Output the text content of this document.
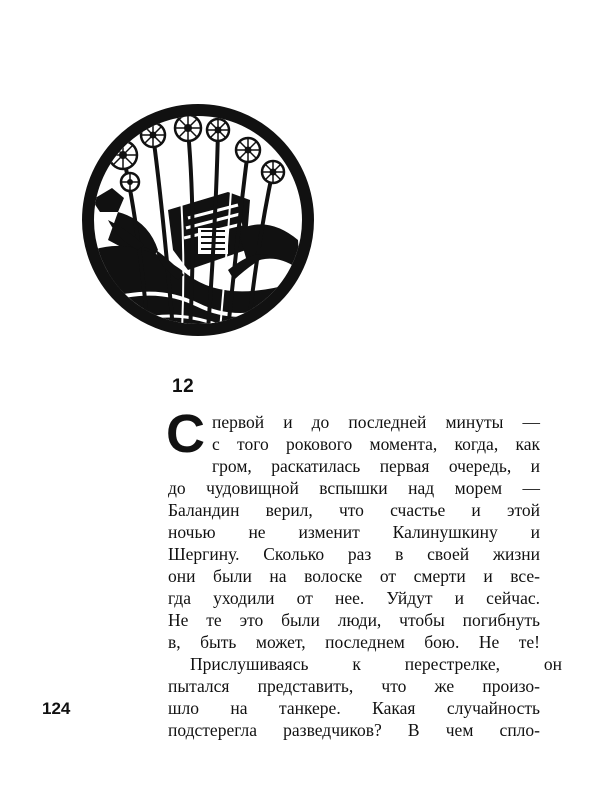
12
С первой и до последней минуты —
с того рокового момента, когда, как
гром, раскатилась первая очередь, и
до чудовищной вспышки над морем —
Баландин верил, что счастье и этой
ночью не изменит Калинушкину и
Шергину. Сколько раз в своей жизни
они были на волоске от смерти и все-
гда уходили от нее. Уйдут и сейчас.
Не те это были люди, чтобы погибнуть
в, быть может, последнем бою. Не те!
Прислушиваясь к перестрелке, он
пытался представить, что же произо-
шло на танкере. Какая случайность
подстерегла разведчиков? В чем спло-
124
